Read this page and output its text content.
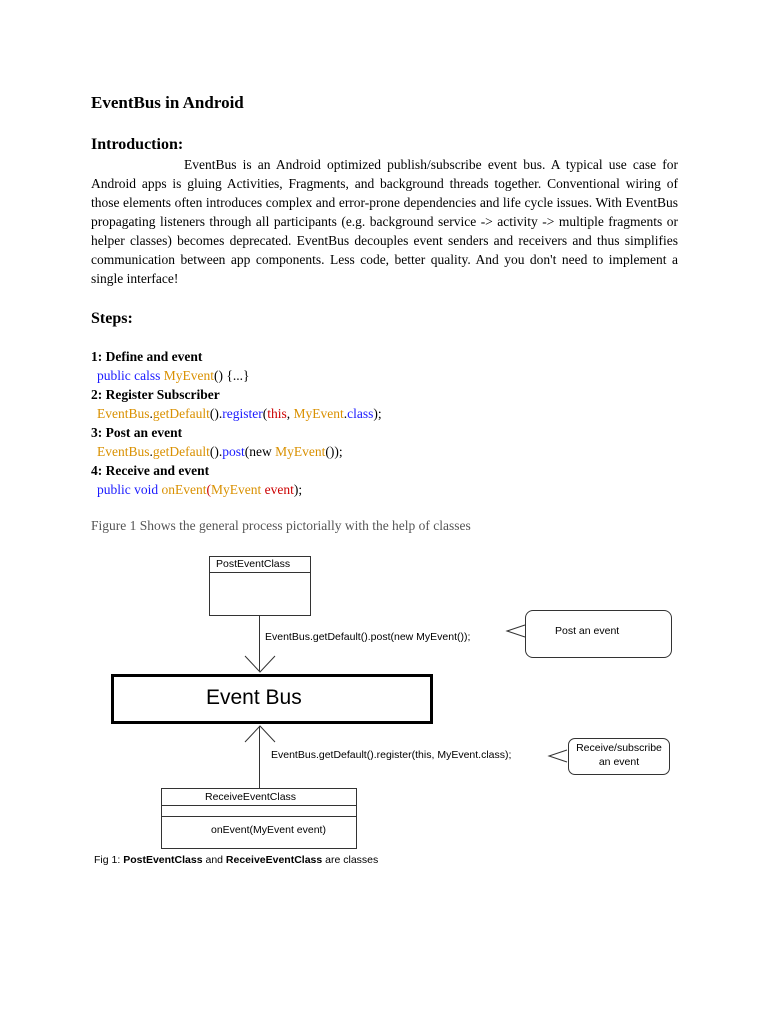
EventBus in Android
Introduction:

EventBus is an Android optimized publish/subscribe event bus. A typical use case for Android apps is gluing Activities, Fragments, and background threads together. Conventional wiring of those elements often introduces complex and error-prone dependencies and life cycle issues. With EventBus propagating listeners through all participants (e.g. background service -> activity -> multiple fragments or helper classes) becomes deprecated. EventBus decouples event senders and receivers and thus simplifies communication between app components. Less code, better quality. And you don't need to implement a single interface!

Steps:
1: Define and event
public calss MyEvent() {...}
2: Register Subscriber
EventBus.getDefault().register(this, MyEvent.class);
3: Post an event
EventBus.getDefault().post(new MyEvent());
4: Receive and event
public void onEvent(MyEvent event);
Figure 1 Shows the general process pictorially with the help of classes
PostEventClass
EventBus.getDefault().post(new MyEvent());	Post an event
Event Bus
EventBus.getDefault().register(this, MyEvent.class);
Receive/subscribe
an event
ReceiveEventClass
onEvent(MyEvent event)
Fig 1: PostEventClass and ReceiveEventClass are classes
